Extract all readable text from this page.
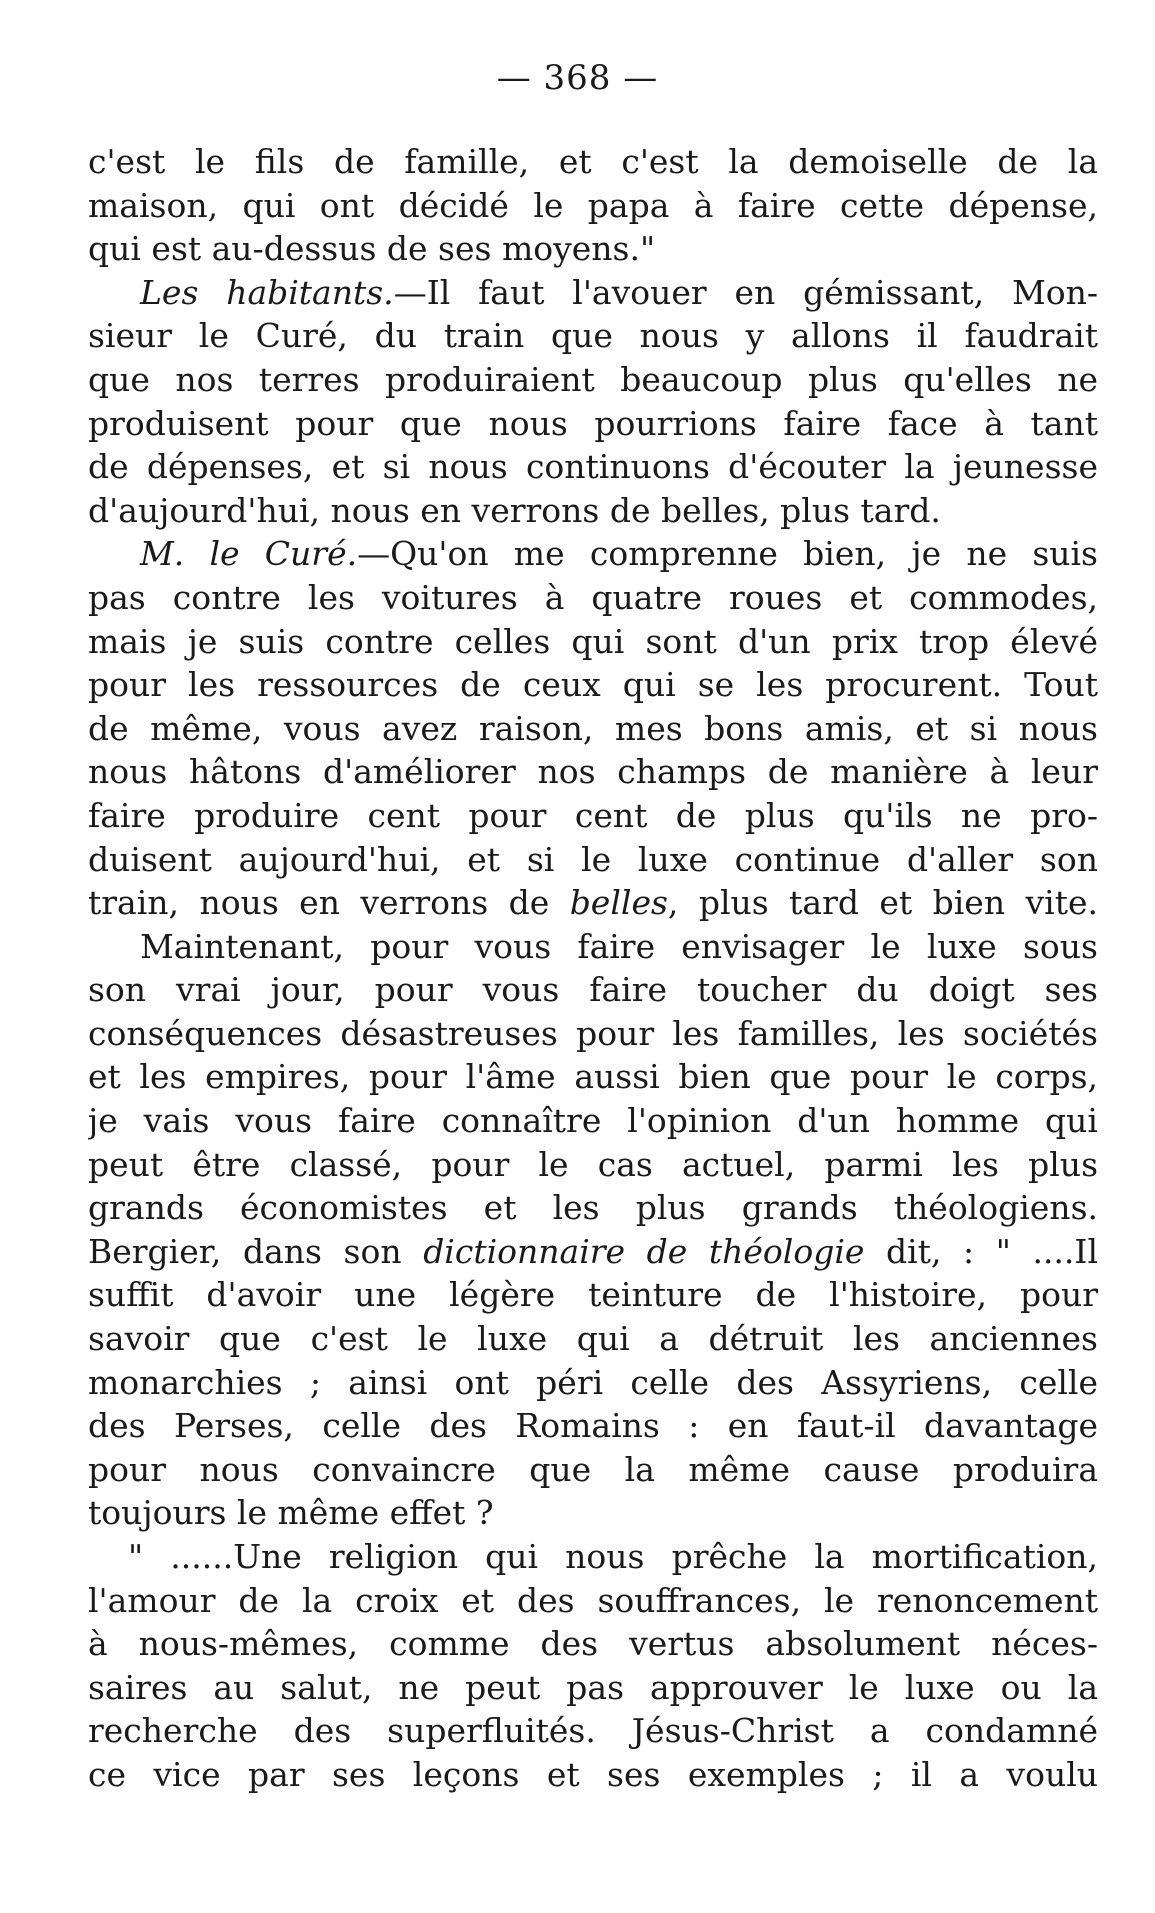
— 368 —
c'est le fils de famille, et c'est la demoiselle de la
maison, qui ont décidé le papa à faire cette dépense,
qui est au-dessus de ses moyens."
Les habitants.—Il faut l'avouer en gémissant, Mon-
sieur le Curé, du train que nous y allons il faudrait
que nos terres produiraient beaucoup plus qu'elles ne
produisent pour que nous pourrions faire face à tant
de dépenses, et si nous continuons d'écouter la jeunesse
d'aujourd'hui, nous en verrons de belles, plus tard.
M. le Curé.—Qu'on me comprenne bien, je ne suis
pas contre les voitures à quatre roues et commodes,
mais je suis contre celles qui sont d'un prix trop élevé
pour les ressources de ceux qui se les procurent. Tout
de même, vous avez raison, mes bons amis, et si nous
nous hâtons d'améliorer nos champs de manière à leur
faire produire cent pour cent de plus qu'ils ne pro-
duisent aujourd'hui, et si le luxe continue d'aller son
train, nous en verrons de belles, plus tard et bien vite.
Maintenant, pour vous faire envisager le luxe sous
son vrai jour, pour vous faire toucher du doigt ses
conséquences désastreuses pour les familles, les sociétés
et les empires, pour l'âme aussi bien que pour le corps,
je vais vous faire connaître l'opinion d'un homme qui
peut être classé, pour le cas actuel, parmi les plus
grands économistes et les plus grands théologiens.
Bergier, dans son dictionnaire de théologie dit, : " ....Il
suffit d'avoir une légère teinture de l'histoire, pour
savoir que c'est le luxe qui a détruit les anciennes
monarchies ; ainsi ont péri celle des Assyriens, celle
des Perses, celle des Romains : en faut-il davantage
pour nous convaincre que la même cause produira
toujours le même effet ?
" ......Une religion qui nous prêche la mortification,
l'amour de la croix et des souffrances, le renoncement
à nous-mêmes, comme des vertus absolument néces-
saires au salut, ne peut pas approuver le luxe ou la
recherche des superfluités. Jésus-Christ a condamné
ce vice par ses leçons et ses exemples ; il a voulu
